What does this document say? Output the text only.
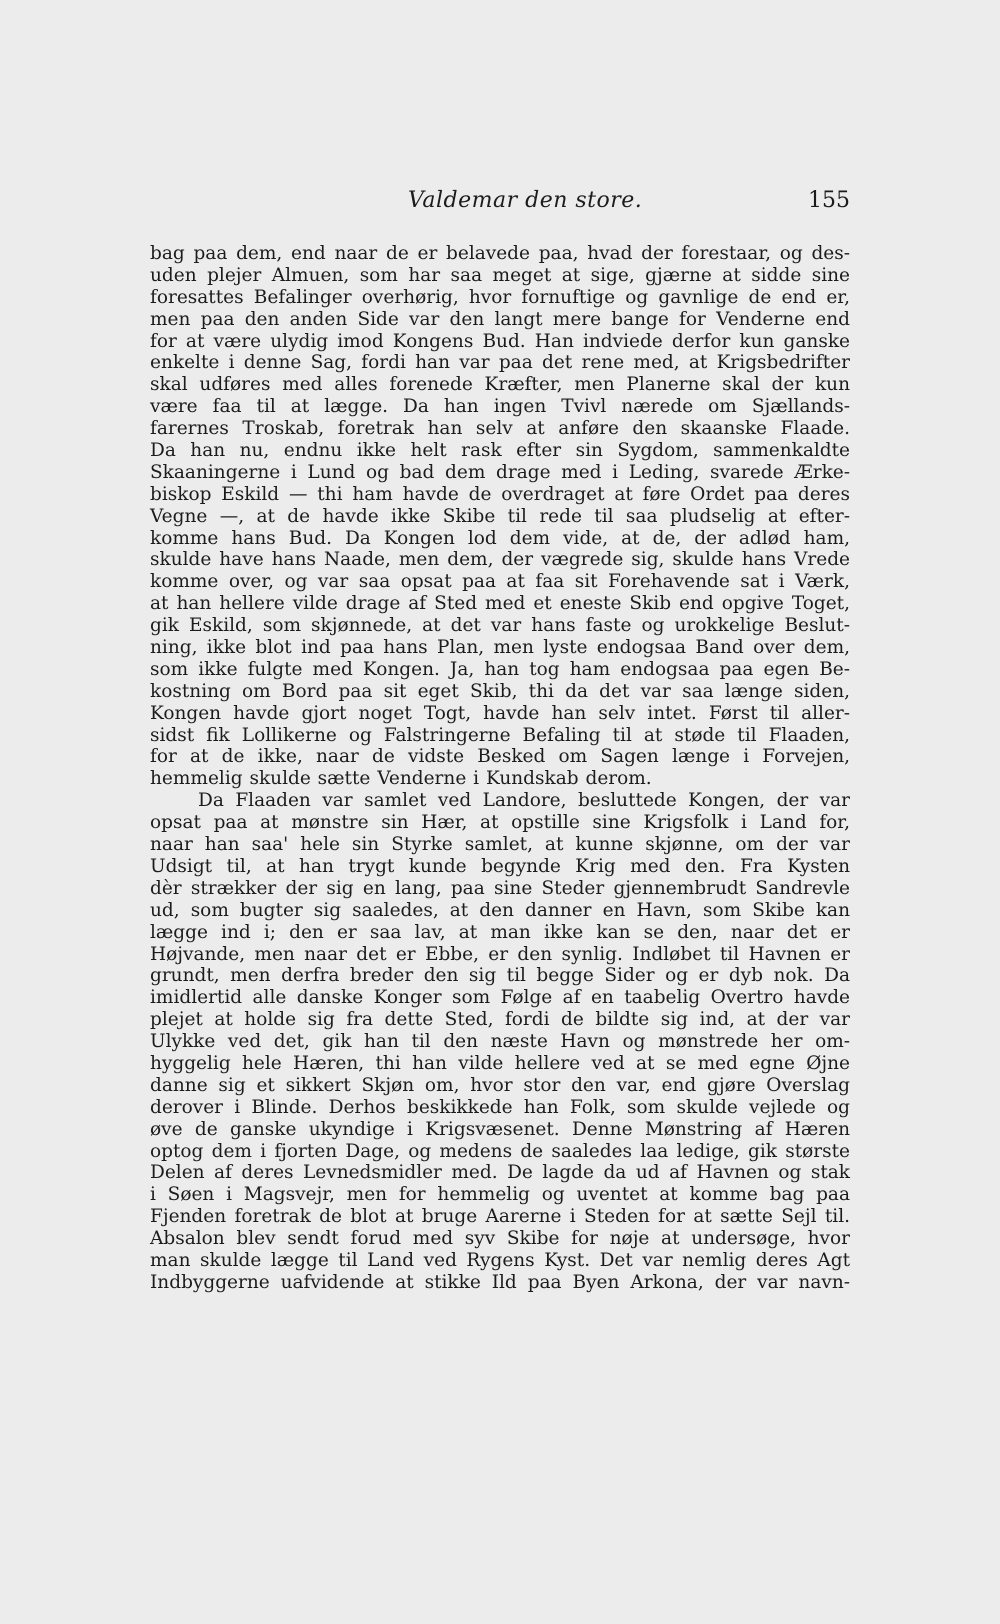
Valdemar den store.	155
bag paa dem, end naar de er belavede paa, hvad der forestaar, og des-
uden plejer Almuen, som har saa meget at sige, gjærne at sidde sine
foresattes Befalinger overhørig, hvor fornuftige og gavnlige de end er,
men paa den anden Side var den langt mere bange for Venderne end
for at være ulydig imod Kongens Bud. Han indviede derfor kun ganske
enkelte i denne Sag, fordi han var paa det rene med, at Krigsbedrifter
skal udføres med alles forenede Kræfter, men Planerne skal der kun
være faa til at lægge. Da han ingen Tvivl nærede om Sjællands-
farernes Troskab, foretrak han selv at anføre den skaanske Flaade.
Da han nu, endnu ikke helt rask efter sin Sygdom, sammenkaldte
Skaaningerne i Lund og bad dem drage med i Leding, svarede Ærke-
biskop Eskild — thi ham havde de overdraget at føre Ordet paa deres
Vegne —, at de havde ikke Skibe til rede til saa pludselig at efter-
komme hans Bud. Da Kongen lod dem vide, at de, der adlød ham,
skulde have hans Naade, men dem, der vægrede sig, skulde hans Vrede
komme over, og var saa opsat paa at faa sit Forehavende sat i Værk,
at han hellere vilde drage af Sted med et eneste Skib end opgive Toget,
gik Eskild, som skjønnede, at det var hans faste og urokkelige Beslut-
ning, ikke blot ind paa hans Plan, men lyste endogsaa Band over dem,
som ikke fulgte med Kongen. Ja, han tog ham endogsaa paa egen Be-
kostning om Bord paa sit eget Skib, thi da det var saa længe siden,
Kongen havde gjort noget Togt, havde han selv intet. Først til aller-
sidst fik Lollikerne og Falstringerne Befaling til at støde til Flaaden,
for at de ikke, naar de vidste Besked om Sagen længe i Forvejen,
hemmelig skulde sætte Venderne i Kundskab derom.
Da Flaaden var samlet ved Landore, besluttede Kongen, der var
opsat paa at mønstre sin Hær, at opstille sine Krigsfolk i Land for,
naar han saa' hele sin Styrke samlet, at kunne skjønne, om der var
Udsigt til, at han trygt kunde begynde Krig med den. Fra Kysten
dèr strækker der sig en lang, paa sine Steder gjennembrudt Sandrevle
ud, som bugter sig saaledes, at den danner en Havn, som Skibe kan
lægge ind i; den er saa lav, at man ikke kan se den, naar det er
Højvande, men naar det er Ebbe, er den synlig. Indløbet til Havnen er
grundt, men derfra breder den sig til begge Sider og er dyb nok. Da
imidlertid alle danske Konger som Følge af en taabelig Overtro havde
plejet at holde sig fra dette Sted, fordi de bildte sig ind, at der var
Ulykke ved det, gik han til den næste Havn og mønstrede her om-
hyggelig hele Hæren, thi han vilde hellere ved at se med egne Øjne
danne sig et sikkert Skjøn om, hvor stor den var, end gjøre Overslag
derover i Blinde. Derhos beskikkede han Folk, som skulde vejlede og
øve de ganske ukyndige i Krigsvæsenet. Denne Mønstring af Hæren
optog dem i fjorten Dage, og medens de saaledes laa ledige, gik største
Delen af deres Levnedsmidler med. De lagde da ud af Havnen og stak
i Søen i Magsvejr, men for hemmelig og uventet at komme bag paa
Fjenden foretrak de blot at bruge Aarerne i Steden for at sætte Sejl til.
Absalon blev sendt forud med syv Skibe for nøje at undersøge, hvor
man skulde lægge til Land ved Rygens Kyst. Det var nemlig deres Agt
Indbyggerne uafvidende at stikke Ild paa Byen Arkona, der var navn-
